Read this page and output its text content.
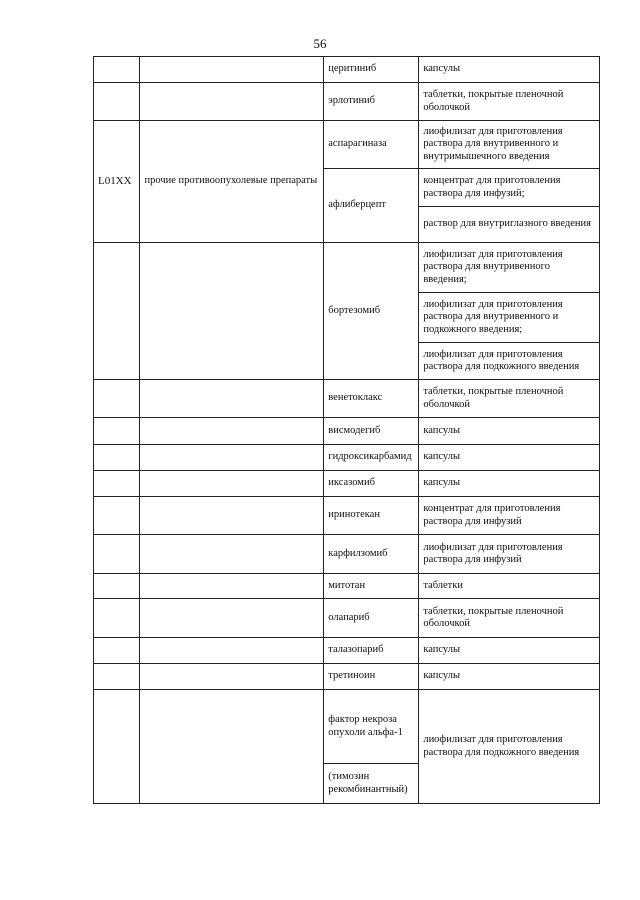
56
		церитиниб	капсулы
		эрлотиниб	таблетки, покрытые пленочной оболочкой
L01XX	прочие противоопухолевые препараты	аспарагиназа	лиофилизат для приготовления раствора для внутривенного и внутримышечного введения
		афлиберцепт	концентрат для приготовления раствора для инфузий;
			раствор для внутриглазного введения
		бортезомиб	лиофилизат для приготовления раствора для внутривенного введения;
			лиофилизат для приготовления раствора для внутривенного и подкожного введения;
			лиофилизат для приготовления раствора для подкожного введения
		венетоклакс	таблетки, покрытые пленочной оболочкой
		висмодегиб	капсулы
		гидроксикарбамид	капсулы
		иксазомиб	капсулы
		иринотекан	концентрат для приготовления раствора для инфузий
		карфилзомиб	лиофилизат для приготовления раствора для инфузий
		митотан	таблетки
		олапариб	таблетки, покрытые пленочной оболочкой
		талазопариб	капсулы
		третиноин	капсулы
		фактор некроза опухоли альфа-1	лиофилизат для приготовления раствора для подкожного введения
		(тимозин рекомбинантный)	
